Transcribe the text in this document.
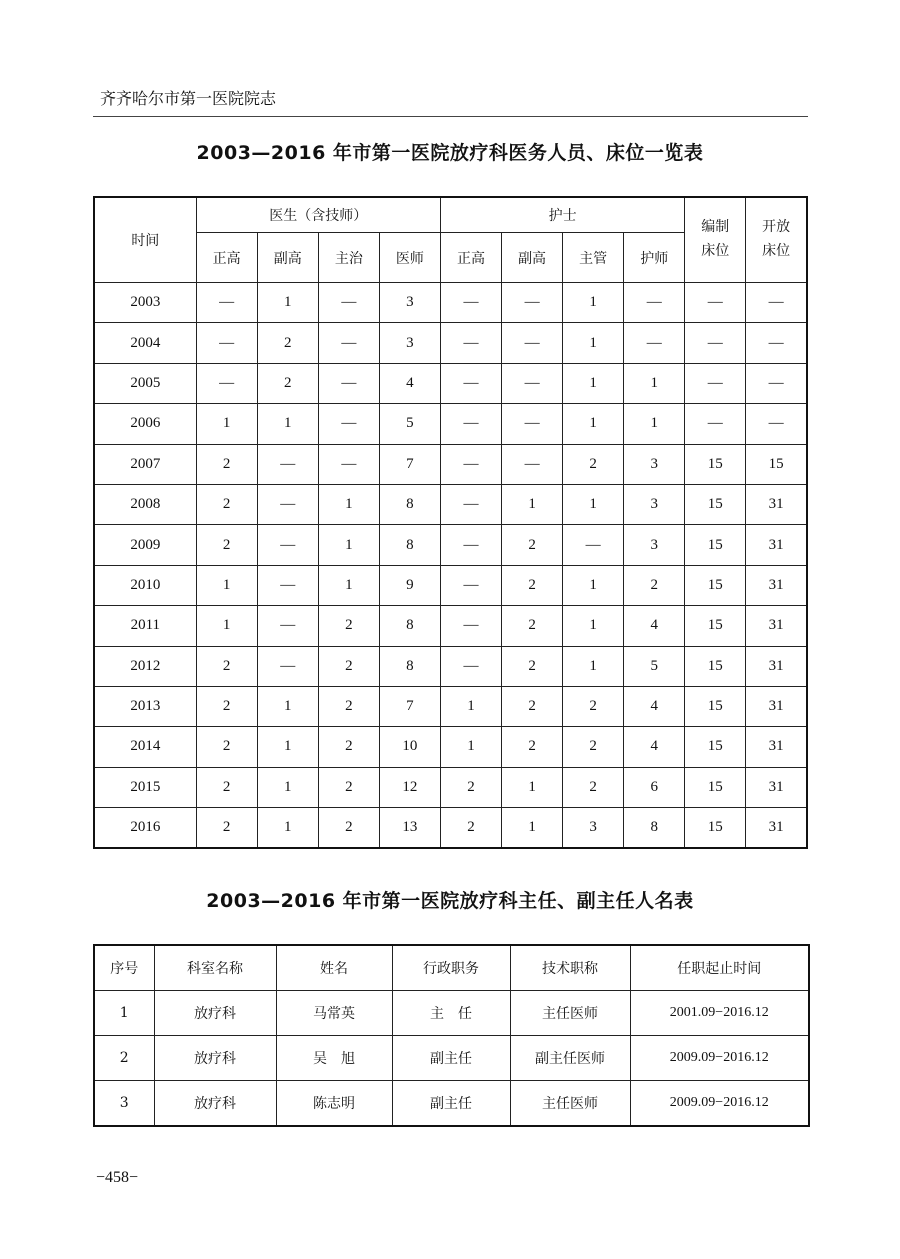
齐齐哈尔市第一医院院志
2003—2016 年市第一医院放疗科医务人员、床位一览表
时间	医生（含技师）				护士				编制床位	开放床位
	正高	副高	主治	医师	正高	副高	主管	护师		
2003	—	1	—	3	—	—	1	—	—	—
2004	—	2	—	3	—	—	1	—	—	—
2005	—	2	—	4	—	—	1	1	—	—
2006	1	1	—	5	—	—	1	1	—	—
2007	2	—	—	7	—	—	2	3	15	15
2008	2	—	1	8	—	1	1	3	15	31
2009	2	—	1	8	—	2	—	3	15	31
2010	1	—	1	9	—	2	1	2	15	31
2011	1	—	2	8	—	2	1	4	15	31
2012	2	—	2	8	—	2	1	5	15	31
2013	2	1	2	7	1	2	2	4	15	31
2014	2	1	2	10	1	2	2	4	15	31
2015	2	1	2	12	2	1	2	6	15	31
2016	2	1	2	13	2	1	3	8	15	31
2003—2016 年市第一医院放疗科主任、副主任人名表
序号	科室名称	姓名	行政职务	技术职称	任职起止时间
1	放疗科	马常英	主　任	主任医师	2001.09−2016.12
2	放疗科	吴　旭	副主任	副主任医师	2009.09−2016.12
3	放疗科	陈志明	副主任	主任医师	2009.09−2016.12
−458−
